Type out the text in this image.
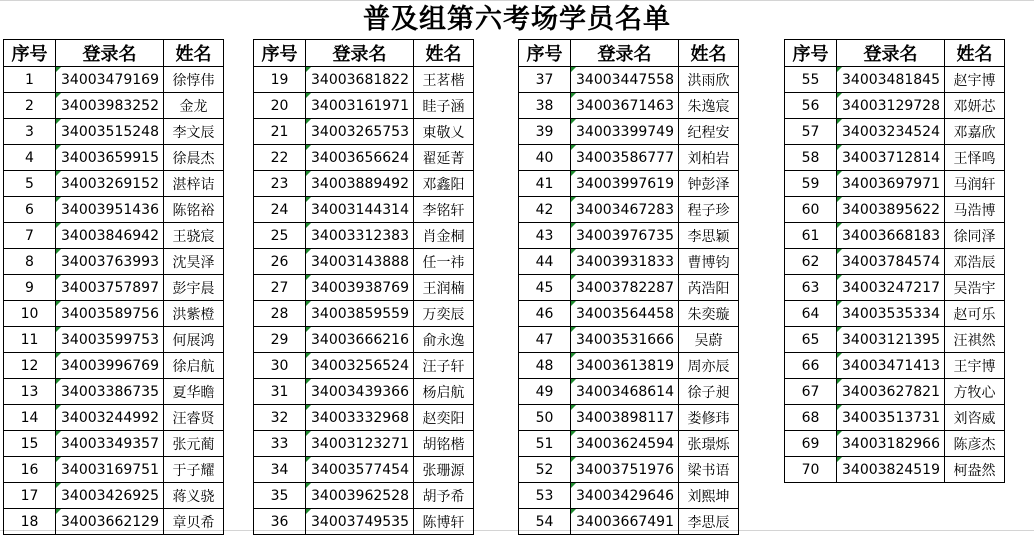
普及组第六考场学员名单
序号	登录名	姓名
1	34003479169	徐惇伟
2	34003983252	金龙
3	34003515248	李文辰
4	34003659915	徐晨杰
5	34003269152	湛梓诘
6	34003951436	陈铭裕
7	34003846942	王骁宸
8	34003763993	沈昊泽
9	34003757897	彭宇晨
10	34003589756	洪紫橙
11	34003599753	何展鸿
12	34003996769	徐启航
13	34003386735	夏华瞻
14	34003244992	汪睿贤
15	34003349357	张元蔺
16	34003169751	于子耀
17	34003426925	蒋义骁
18	34003662129	章贝希
序号	登录名	姓名
19	34003681822	王茗楷
20	34003161971	眭子涵
21	34003265753	東敬乂
22	34003656624	翟延菁
23	34003889492	邓鑫阳
24	34003144314	李铭轩
25	34003312383	肖金桐
26	34003143888	任一祎
27	34003938769	王润楠
28	34003859559	万奕辰
29	34003666216	俞永逸
30	34003256524	汪子轩
31	34003439366	杨启航
32	34003332968	赵奕阳
33	34003123271	胡铭楷
34	34003577454	张珊源
35	34003962528	胡予希
36	34003749535	陈博轩
序号	登录名	姓名
37	34003447558	洪雨欣
38	34003671463	朱逸宸
39	34003399749	纪程安
40	34003586777	刘柏岩
41	34003997619	钟彭泽
42	34003467283	程子珍
43	34003976735	李思颖
44	34003931833	曹博钧
45	34003782287	芮浩阳
46	34003564458	朱奕璇
47	34003531666	吴蔚
48	34003613819	周亦辰
49	34003468614	徐子昶
50	34003898117	娄修玮
51	34003624594	张璟烁
52	34003751976	梁书语
53	34003429646	刘熙坤
54	34003667491	李思辰
序号	登录名	姓名
55	34003481845	赵宇博
56	34003129728	邓妍芯
57	34003234524	邓嘉欣
58	34003712814	王怿鸣
59	34003697971	马润轩
60	34003895622	马浩博
61	34003668183	徐同泽
62	34003784574	邓浩辰
63	34003247217	吴浩宇
64	34003535334	赵可乐
65	34003121395	汪祺然
66	34003471413	王宇博
67	34003627821	方牧心
68	34003513731	刘咨威
69	34003182966	陈彦杰
70	34003824519	柯盎然
